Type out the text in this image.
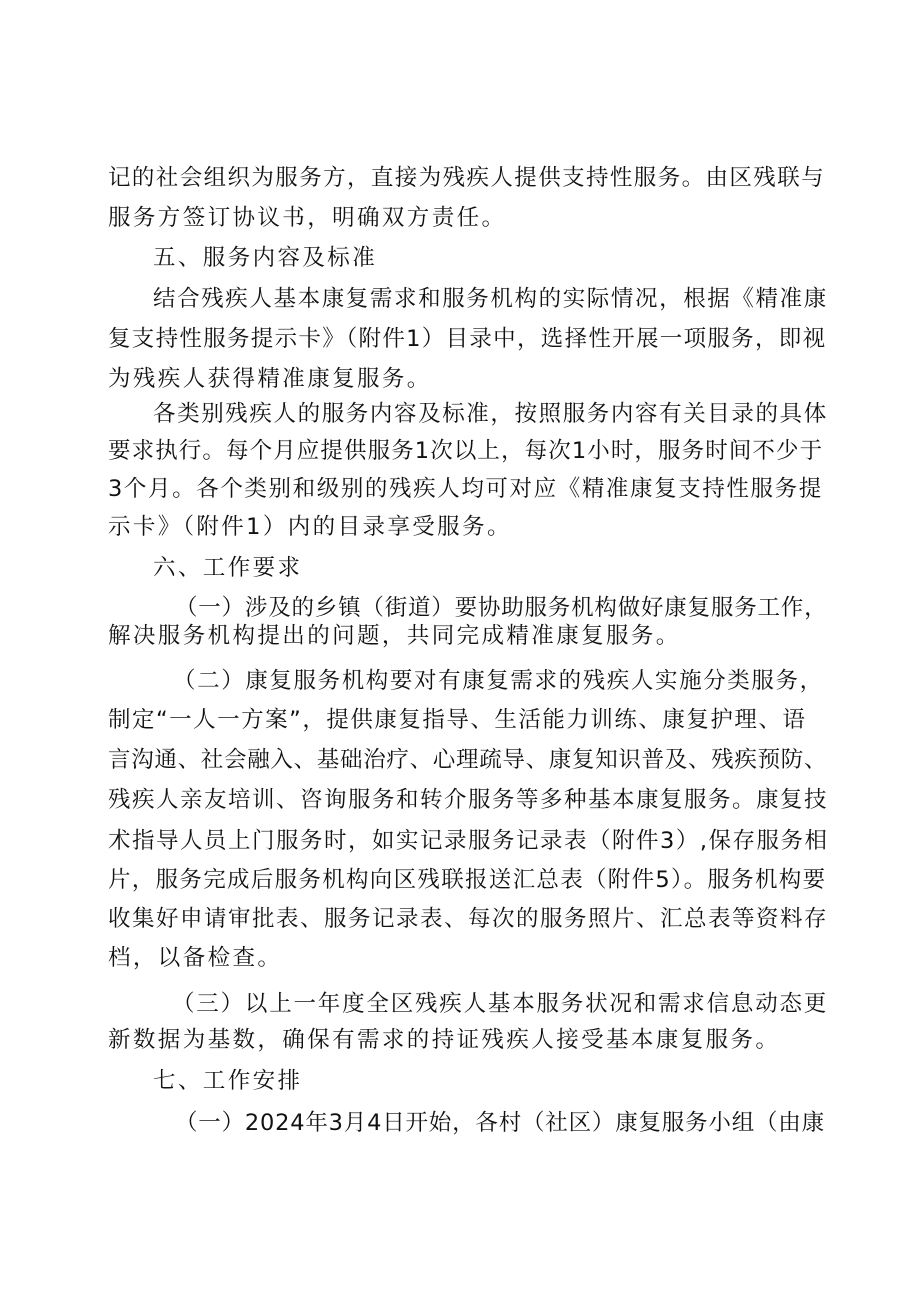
记的社会组织为服务方，直接为残疾人提供支持性服务。由区残联与
服务方签订协议书，明确双方责任。
五、服务内容及标准
结合残疾人基本康复需求和服务机构的实际情况，根据《精准康
复支持性服务提示卡》（附件1）目录中，选择性开展一项服务，即视
为残疾人获得精准康复服务。
各类别残疾人的服务内容及标准，按照服务内容有关目录的具体
要求执行。每个月应提供服务1次以上，每次1小时，服务时间不少于
3个月。各个类别和级别的残疾人均可对应《精准康复支持性服务提
示卡》（附件1）内的目录享受服务。
六、工作要求
（一）涉及的乡镇（街道）要协助服务机构做好康复服务工作，
解决服务机构提出的问题，共同完成精准康复服务。
（二）康复服务机构要对有康复需求的残疾人实施分类服务，
制定“一人一方案”，提供康复指导、生活能力训练、康复护理、语
言沟通、社会融入、基础治疗、心理疏导、康复知识普及、残疾预防、
残疾人亲友培训、咨询服务和转介服务等多种基本康复服务。康复技
术指导人员上门服务时，如实记录服务记录表（附件3）,保存服务相
片，服务完成后服务机构向区残联报送汇总表（附件5）。服务机构要
收集好申请审批表、服务记录表、每次的服务照片、汇总表等资料存
档，以备检查。
（三）以上一年度全区残疾人基本服务状况和需求信息动态更
新数据为基数，确保有需求的持证残疾人接受基本康复服务。
七、工作安排
（一）2024年3月4日开始，各村（社区）康复服务小组（由康
